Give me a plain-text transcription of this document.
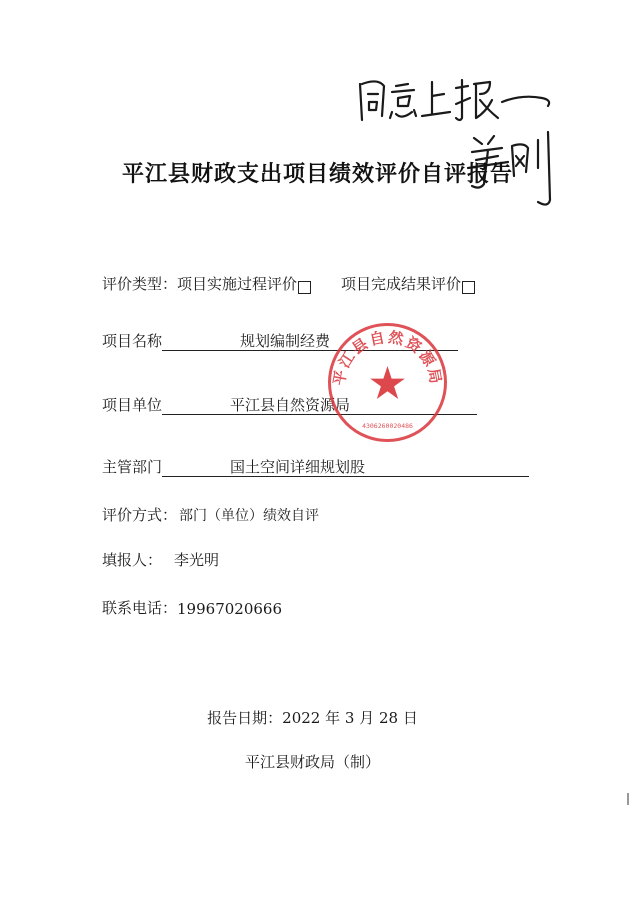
平江县财政支出项目绩效评价自评报告
评价类型： 项目实施过程评价	项目完成结果评价
项目名称	规划编制经费
项目单位	平江县自然资源局
主管部门	国土空间详细规划股
评价方式： 部门（单位）绩效自评
填报人： 李光明
联系电话： 19967020666
报告日期：2022 年 3 月 28 日
平江县财政局（制）
平江县自然资源局
4306260020486
